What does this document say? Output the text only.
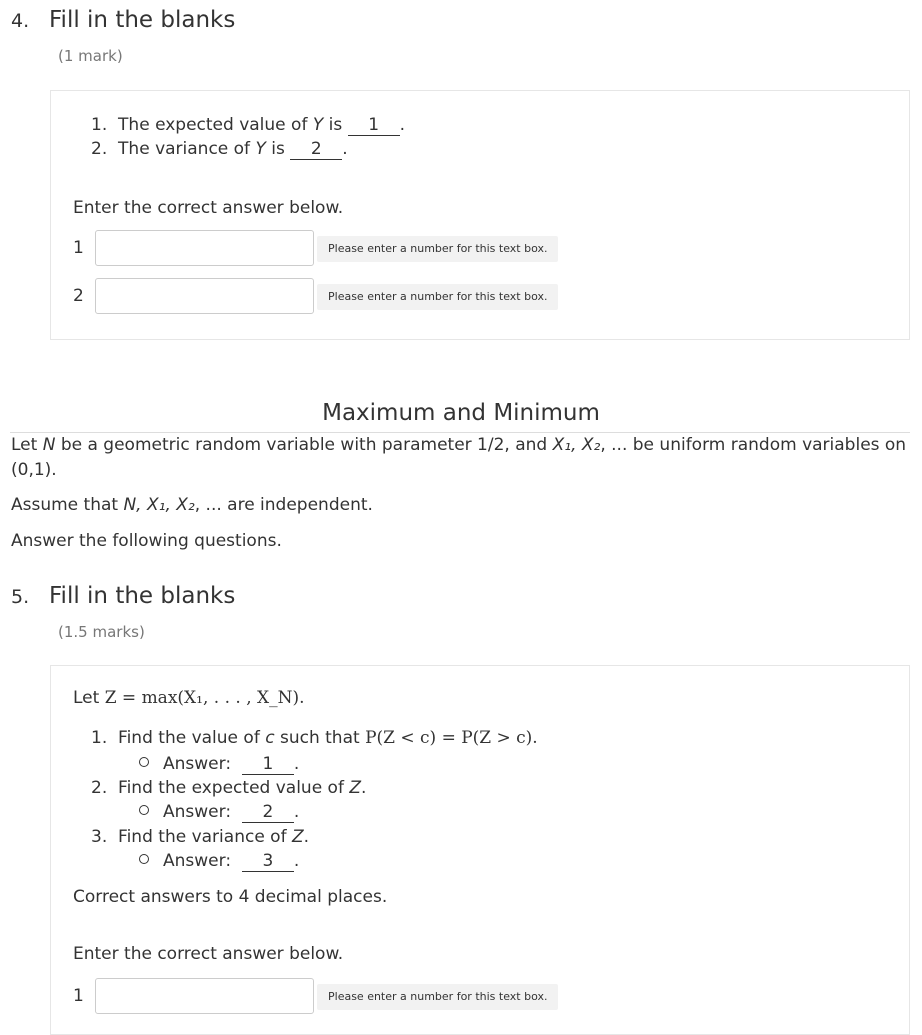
4. Fill in the blanks
(1 mark)
1. The expected value of Y is 1 .
2. The variance of Y is 2 .
Enter the correct answer below.
1	Please enter a number for this text box.
2	Please enter a number for this text box.
Maximum and Minimum
Let N be a geometric random variable with parameter 1/2, and X₁, X₂, ... be uniform random variables on
(0,1).
Assume that N, X₁, X₂, ... are independent.
Answer the following questions.
5. Fill in the blanks
(1.5 marks)
Let Z = max(X₁, . . . , X_N).
1. Find the value of c such that P(Z < c) = P(Z > c).
Answer: 1 .
2. Find the expected value of Z.
Answer: 2 .
3. Find the variance of Z.
Answer: 3 .
Correct answers to 4 decimal places.
Enter the correct answer below.
1	Please enter a number for this text box.
